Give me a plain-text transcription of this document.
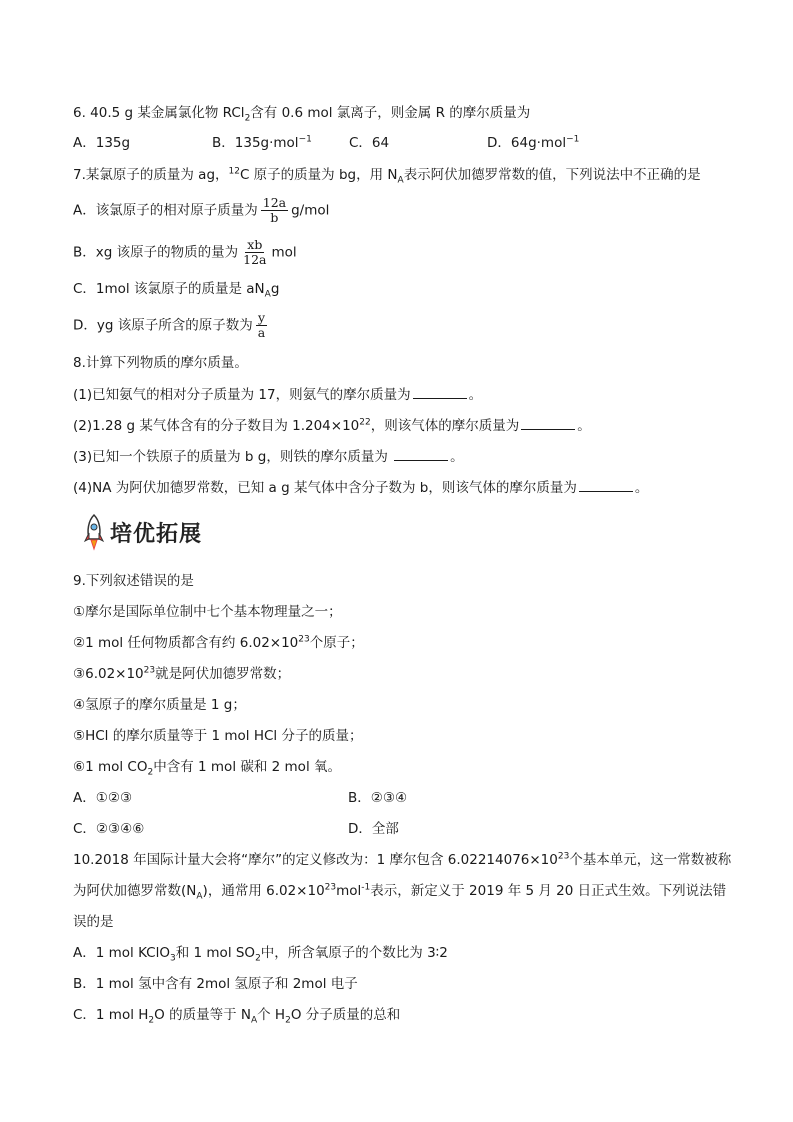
6. 40.5 g 某金属氯化物 RCl$_2$含有 0.6 mol 氯离子，则金属 R 的摩尔质量为
A．135g	B．135g·mol$^{-1}$	C．64	D．64g·mol$^{-1}$
7.某氯原子的质量为 ag，$^{12}$C 原子的质量为 bg，用 $N_A$表示阿伏加德罗常数的值，下列说法中不正确的是
A．该氯原子的相对原子质量为 $\frac{12a}{b} g/mol$
B．xg 该原子的物质的量为 $\frac{xb}{12a}$ mol
C．1mol 该氯原子的质量是 $aN_Ag$
D．yg 该原子所含的原子数为 $\frac{y}{a}$
8.计算下列物质的摩尔质量。
(1)已知氨气的相对分子质量为 17，则氨气的摩尔质量为	。
(2)1.28 g 某气体含有的分子数目为 $1.204\times 10^{22}$，则该气体的摩尔质量为	。
(3)已知一个铁原子的质量为 b g，则铁的摩尔质量为	。
(4)NA 为阿伏加德罗常数，已知 a g 某气体中含分子数为 b，则该气体的摩尔质量为	。
培优拓展
9.下列叙述错误的是
①摩尔是国际单位制中七个基本物理量之一；
②1 mol 任何物质都含有约 $6.02\times 10^{23}$个原子；
$③6.02\times 10^{23}$就是阿伏加德罗常数；
④氢原子的摩尔质量是 1 g；
⑤HCl 的摩尔质量等于 1 mol HCl 分子的质量；
⑥1 mol $CO_2$中含有 1 mol 碳和 2 mol 氧。
A．①②③	B．②③④
C．②③④⑥	D．全部
10.2018 年国际计量大会将“摩尔”的定义修改为：1 摩尔包含 $6.02214076\times 10^{23}$个基本单元，这一常数被称
为阿伏加德罗常数$(N_A)$，通常用 $6.02\times 10^{23}mol^{-1}$表示，新定义于 2019 年 5 月 20 日正式生效。下列说法错
误的是
A．1 mol KClO$_3$和 1 mol $SO_2$中，所含氧原子的个数比为 3∶2
B．1 mol 氢中含有 2mol 氢原子和 2mol 电子
C．1 mol $H_2O$ 的质量等于 $N_A$个 $H_2O$ 分子质量的总和
